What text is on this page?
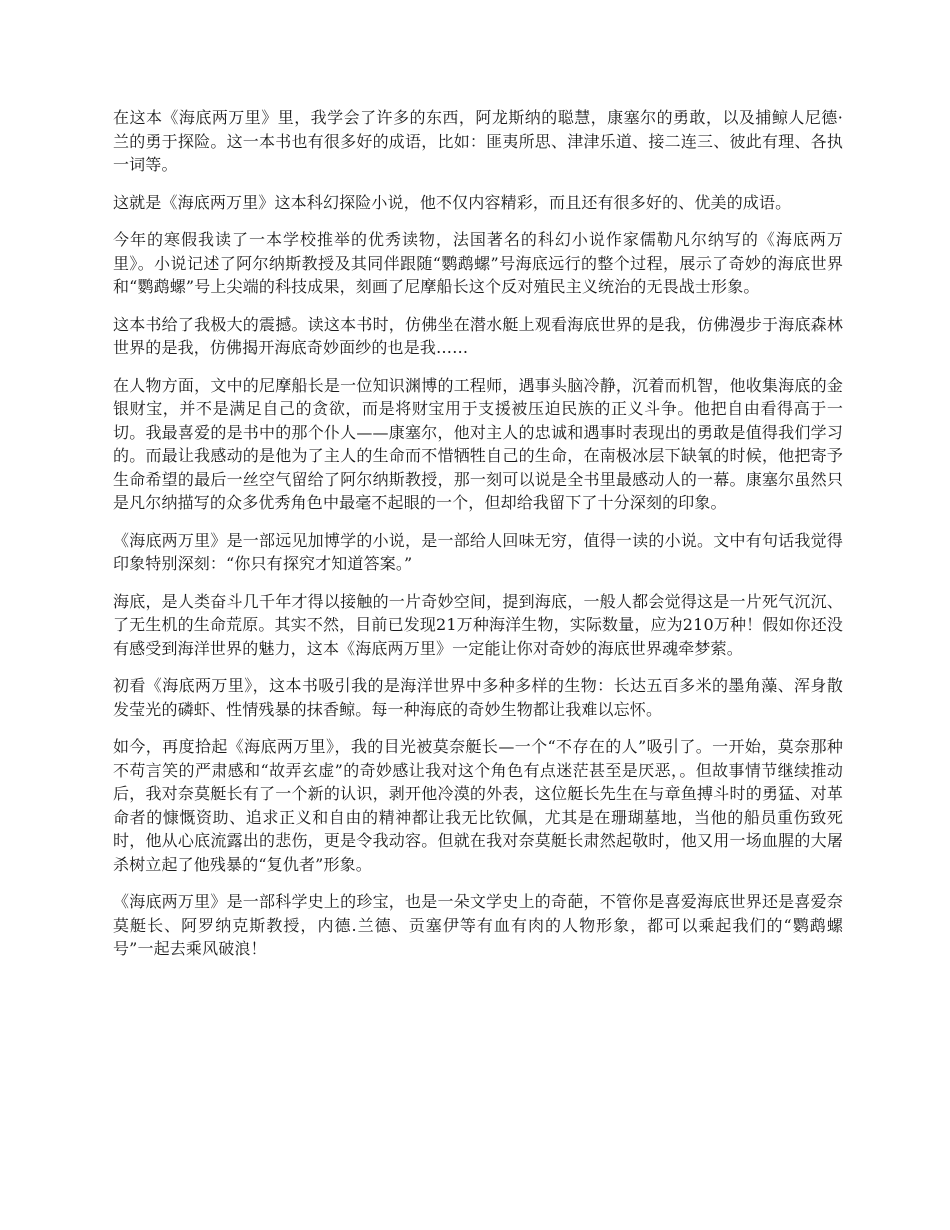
在这本《海底两万里》里，我学会了许多的东西，阿龙斯纳的聪慧，康塞尔的勇敢，以及捕鲸人尼德·兰的勇于探险。这一本书也有很多好的成语，比如：匪夷所思、津津乐道、接二连三、彼此有理、各执一词等。

这就是《海底两万里》这本科幻探险小说，他不仅内容精彩，而且还有很多好的、优美的成语。

今年的寒假我读了一本学校推举的优秀读物，法国著名的科幻小说作家儒勒凡尔纳写的《海底两万里》。小说记述了阿尔纳斯教授及其同伴跟随“鹦鹉螺”号海底远行的整个过程，展示了奇妙的海底世界和“鹦鹉螺”号上尖端的科技成果，刻画了尼摩船长这个反对殖民主义统治的无畏战士形象。

这本书给了我极大的震撼。读这本书时，仿佛坐在潜水艇上观看海底世界的是我，仿佛漫步于海底森林世界的是我，仿佛揭开海底奇妙面纱的也是我……

在人物方面，文中的尼摩船长是一位知识渊博的工程师，遇事头脑冷静，沉着而机智，他收集海底的金银财宝，并不是满足自己的贪欲，而是将财宝用于支援被压迫民族的正义斗争。他把自由看得高于一切。我最喜爱的是书中的那个仆人——康塞尔，他对主人的忠诚和遇事时表现出的勇敢是值得我们学习的。而最让我感动的是他为了主人的生命而不惜牺牲自己的生命，在南极冰层下缺氧的时候，他把寄予生命希望的最后一丝空气留给了阿尔纳斯教授，那一刻可以说是全书里最感动人的一幕。康塞尔虽然只是凡尔纳描写的众多优秀角色中最毫不起眼的一个，但却给我留下了十分深刻的印象。

《海底两万里》是一部远见加博学的小说，是一部给人回味无穷，值得一读的小说。文中有句话我觉得印象特别深刻：“你只有探究才知道答案。”

海底，是人类奋斗几千年才得以接触的一片奇妙空间，提到海底，一般人都会觉得这是一片死气沉沉、了无生机的生命荒原。其实不然，目前已发现21万种海洋生物，实际数量，应为210万种！假如你还没有感受到海洋世界的魅力，这本《海底两万里》一定能让你对奇妙的海底世界魂牵梦萦。

初看《海底两万里》，这本书吸引我的是海洋世界中多种多样的生物：长达五百多米的墨角藻、浑身散发莹光的磷虾、性情残暴的抹香鲸。每一种海底的奇妙生物都让我难以忘怀。

如今，再度拾起《海底两万里》，我的目光被莫奈艇长—一个“不存在的人”吸引了。一开始，莫奈那种不苟言笑的严肃感和“故弄玄虚”的奇妙感让我对这个角色有点迷茫甚至是厌恶，。但故事情节继续推动后，我对奈莫艇长有了一个新的认识，剥开他冷漠的外表，这位艇长先生在与章鱼搏斗时的勇猛、对革命者的慷慨资助、追求正义和自由的精神都让我无比钦佩，尤其是在珊瑚墓地，当他的船员重伤致死时，他从心底流露出的悲伤，更是令我动容。但就在我对奈莫艇长肃然起敬时，他又用一场血腥的大屠杀树立起了他残暴的“复仇者”形象。

《海底两万里》是一部科学史上的珍宝，也是一朵文学史上的奇葩，不管你是喜爱海底世界还是喜爱奈莫艇长、阿罗纳克斯教授，内德.兰德、贡塞伊等有血有肉的人物形象，都可以乘起我们的“鹦鹉螺号”一起去乘风破浪！
